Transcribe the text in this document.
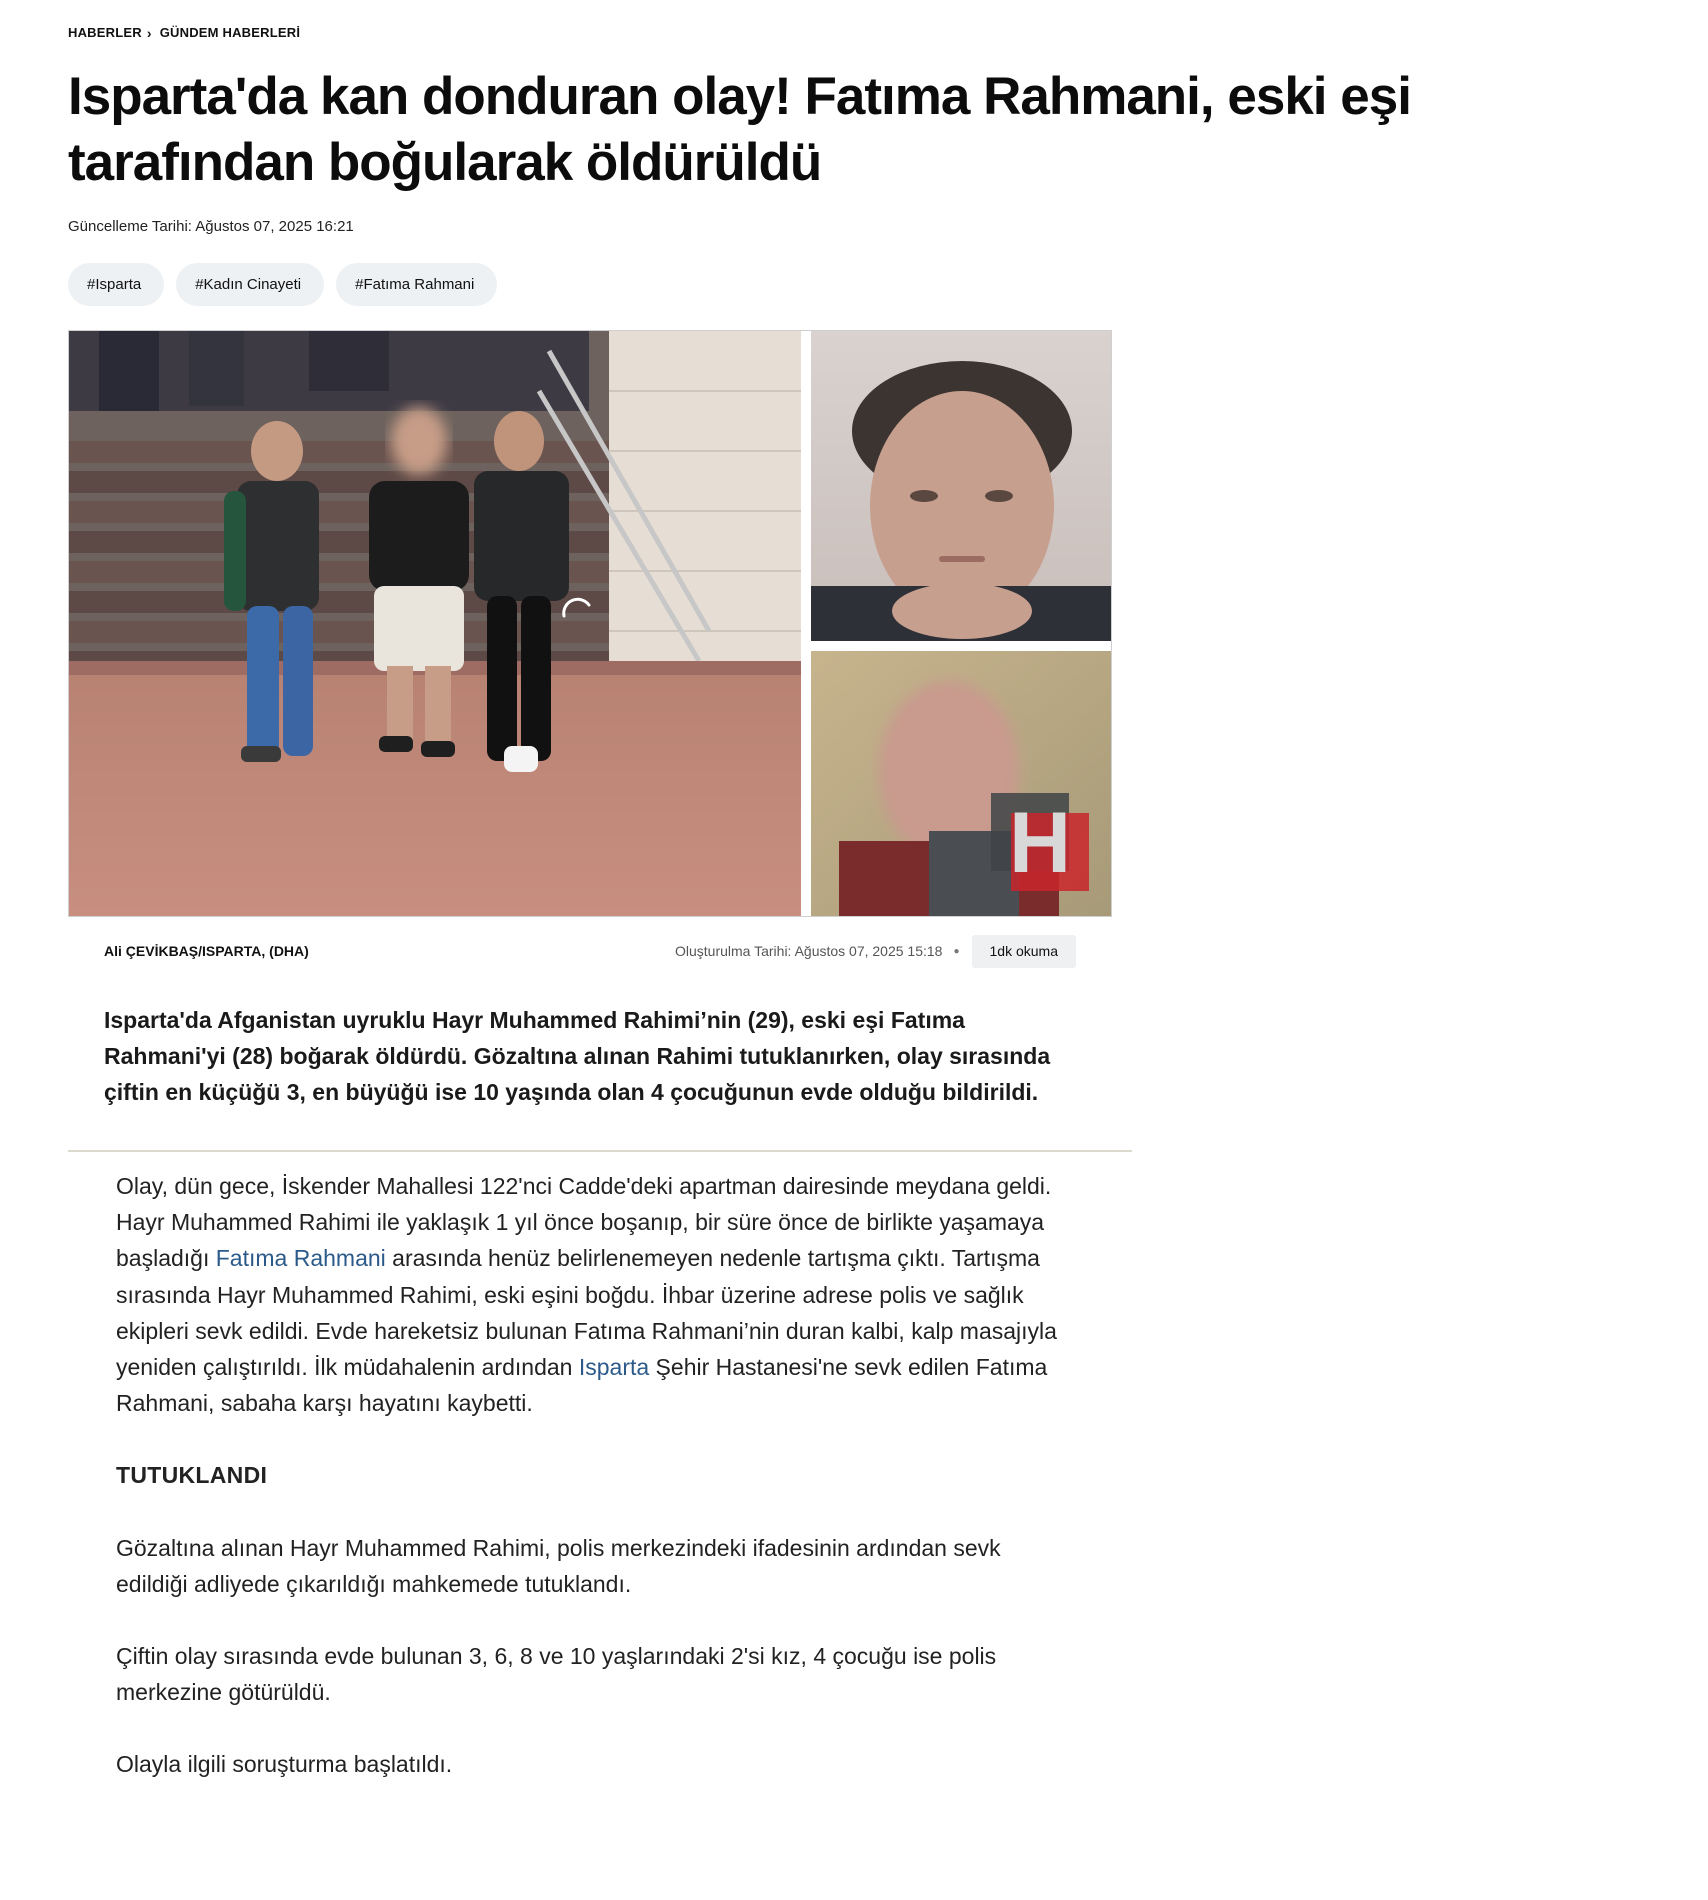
HABERLER › GÜNDEM HABERLERİ
Isparta'da kan donduran olay! Fatıma Rahmani, eski eşi tarafından boğularak öldürüldü
Güncelleme Tarihi: Ağustos 07, 2025 16:21
#Isparta	#Kadın Cinayeti	#Fatıma Rahmani
H
Ali ÇEVİKBAŞ/ISPARTA, (DHA)	Oluşturulma Tarihi: Ağustos 07, 2025 15:18 ●	1dk okuma

Isparta'da Afganistan uyruklu Hayr Muhammed Rahimi’nin (29), eski eşi Fatıma Rahmani'yi (28) boğarak öldürdü. Gözaltına alınan Rahimi tutuklanırken, olay sırasında çiftin en küçüğü 3, en büyüğü ise 10 yaşında olan 4 çocuğunun evde olduğu bildirildi.

Olay, dün gece, İskender Mahallesi 122'nci Cadde'deki apartman dairesinde meydana geldi. Hayr Muhammed Rahimi ile yaklaşık 1 yıl önce boşanıp, bir süre önce de birlikte yaşamaya başladığı Fatıma Rahmani arasında henüz belirlenemeyen nedenle tartışma çıktı. Tartışma sırasında Hayr Muhammed Rahimi, eski eşini boğdu. İhbar üzerine adrese polis ve sağlık ekipleri sevk edildi. Evde hareketsiz bulunan Fatıma Rahmani’nin duran kalbi, kalp masajıyla yeniden çalıştırıldı. İlk müdahalenin ardından Isparta Şehir Hastanesi'ne sevk edilen Fatıma Rahmani, sabaha karşı hayatını kaybetti.

TUTUKLANDI

Gözaltına alınan Hayr Muhammed Rahimi, polis merkezindeki ifadesinin ardından sevk edildiği adliyede çıkarıldığı mahkemede tutuklandı.

Çiftin olay sırasında evde bulunan 3, 6, 8 ve 10 yaşlarındaki 2'si kız, 4 çocuğu ise polis merkezine götürüldü.

Olayla ilgili soruşturma başlatıldı.
